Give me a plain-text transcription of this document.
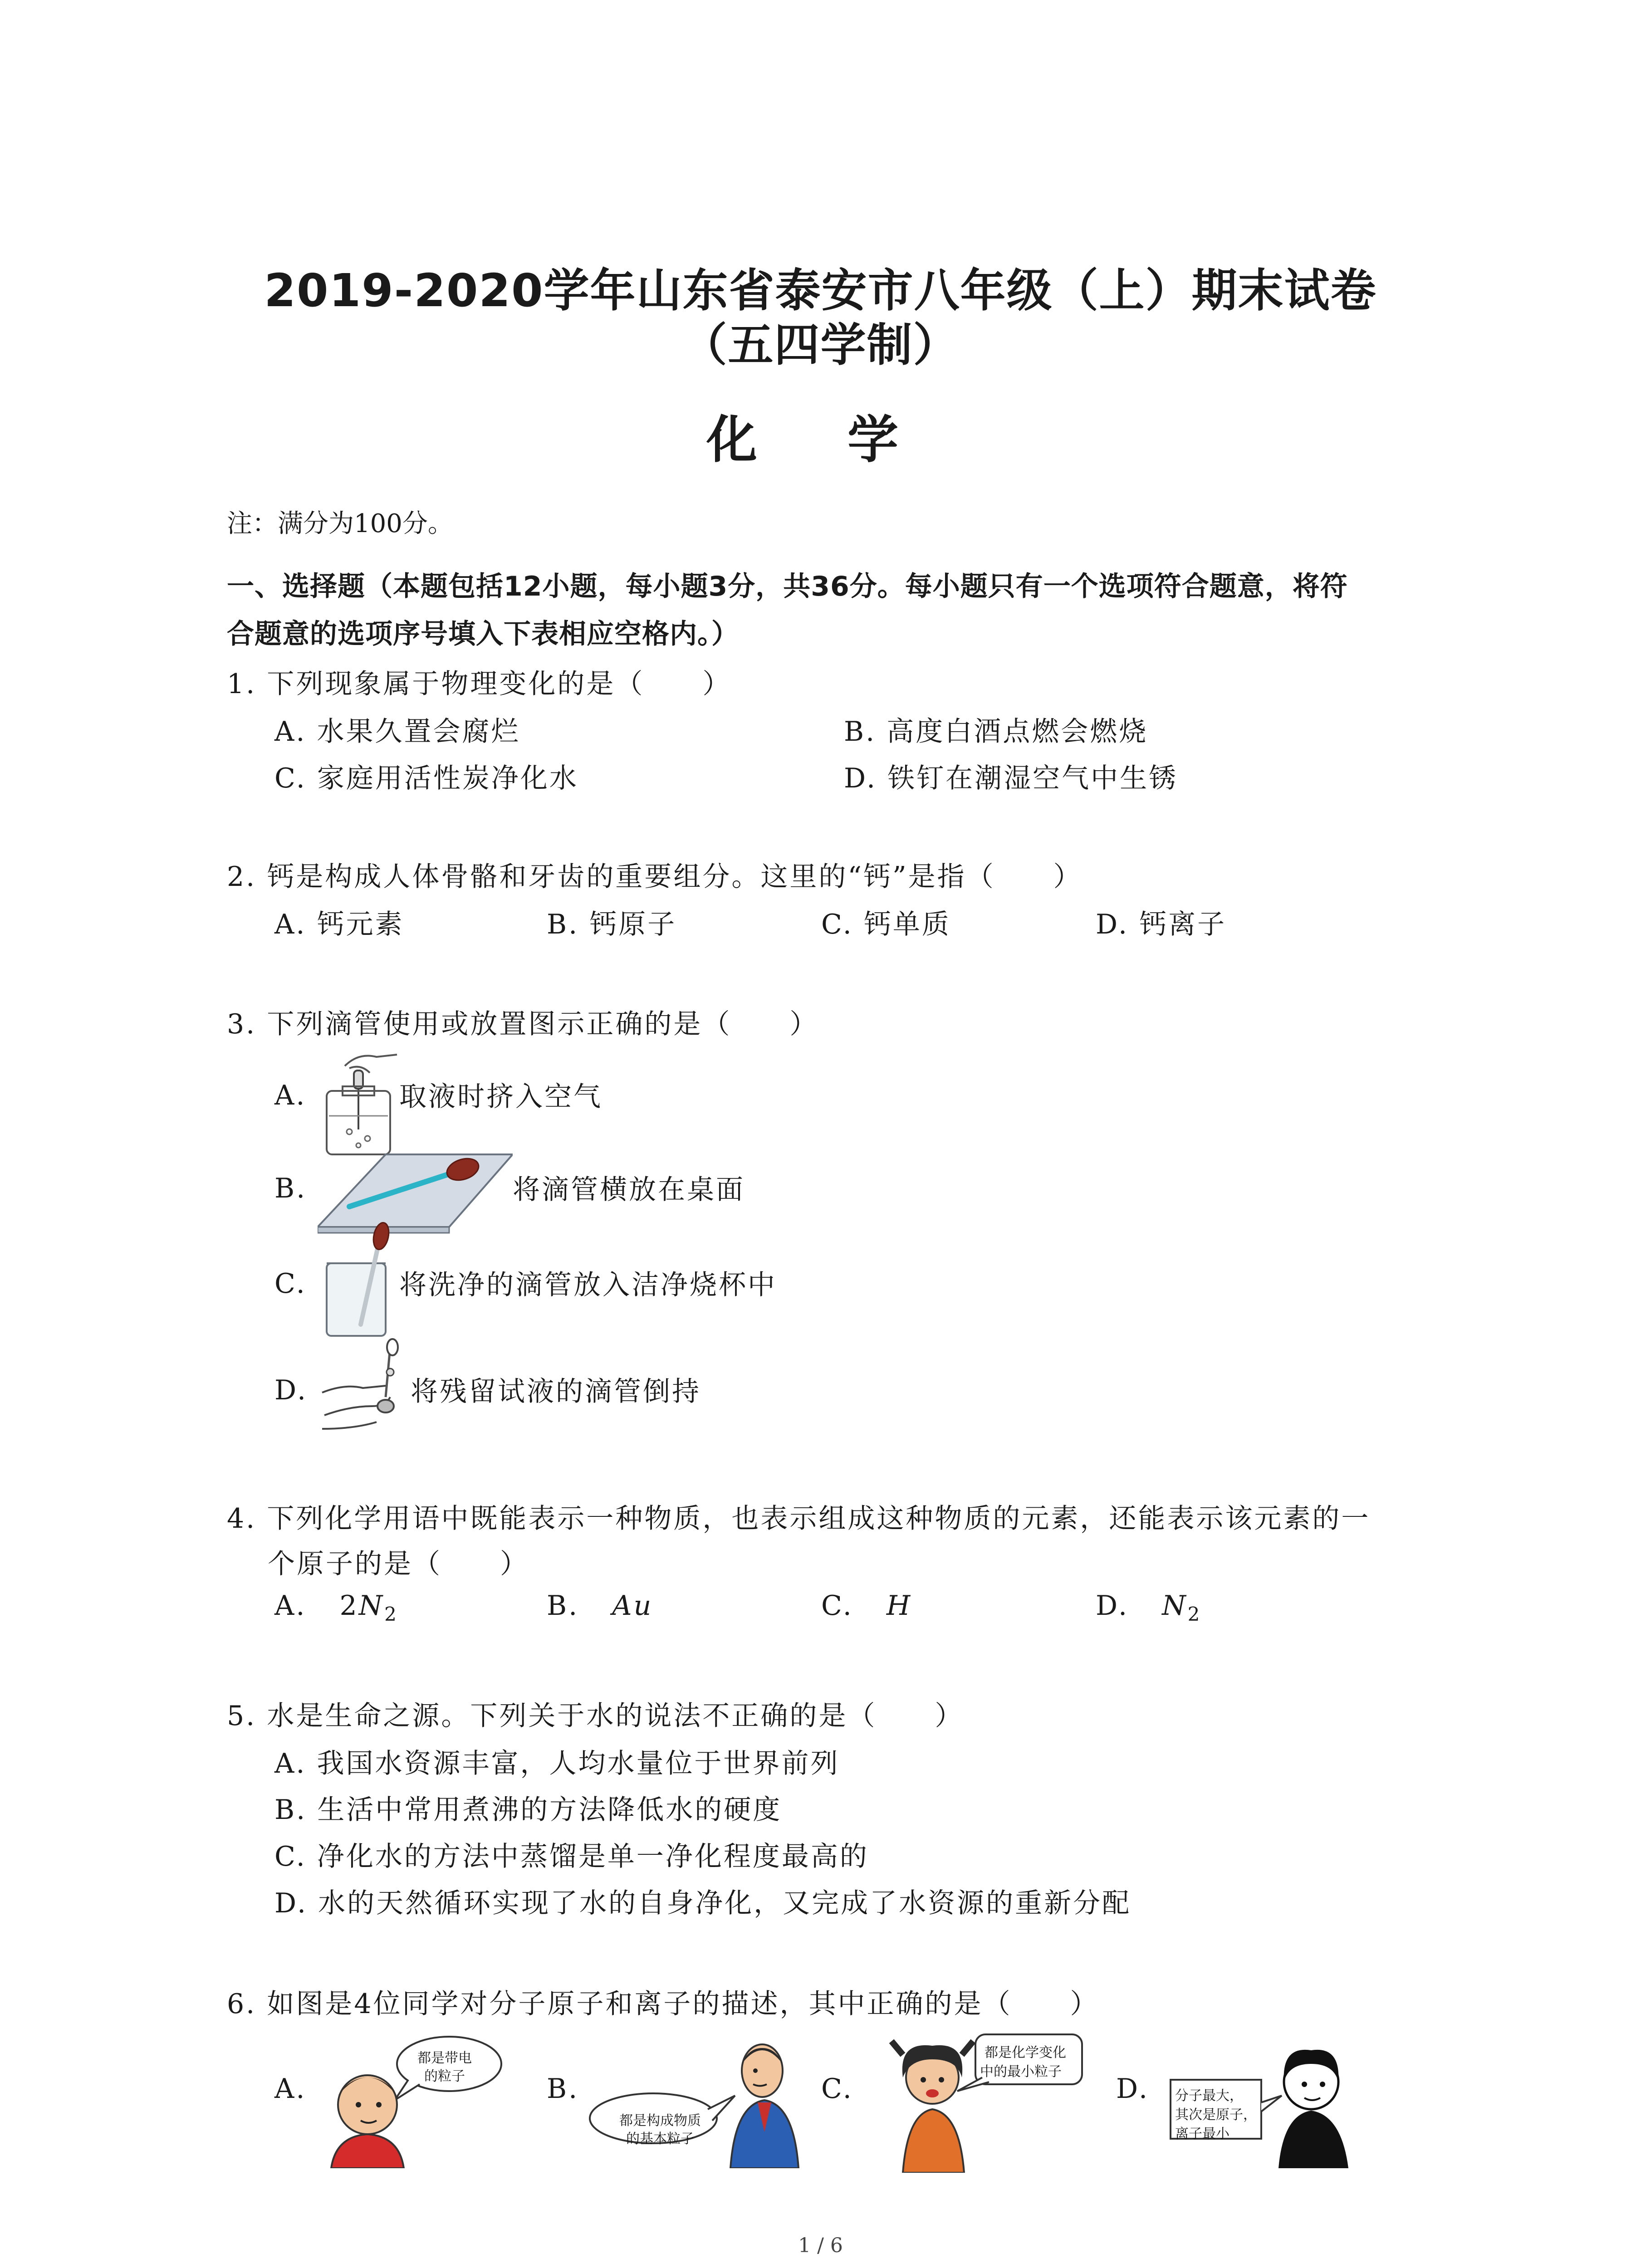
2019-2020学年山东省泰安市八年级（上）期末试卷
（五四学制）
化 学
注：满分为100分。
一、选择题（本题包括12小题，每小题3分，共36分。每小题只有一个选项符合题意，将符
合题意的选项序号填入下表相应空格内。）
1. 下列现象属于物理变化的是（　　）
A. 水果久置会腐烂	B. 高度白酒点燃会燃烧
C. 家庭用活性炭净化水	D. 铁钉在潮湿空气中生锈
2. 钙是构成人体骨骼和牙齿的重要组分。这里的“钙”是指（　　）
A. 钙元素	B. 钙原子	C. 钙单质	D. 钙离子
3. 下列滴管使用或放置图示正确的是（　　）
A.	取液时挤入空气
B.	将滴管横放在桌面
C.	将洗净的滴管放入洁净烧杯中
D.	将残留试液的滴管倒持
4. 下列化学用语中既能表示一种物质，也表示组成这种物质的元素，还能表示该元素的一
个原子的是（　　）
A. $2N_2$	B. Au	C. H	D. $N_2$
5. 水是生命之源。下列关于水的说法不正确的是（　　）
A. 我国水资源丰富，人均水量位于世界前列
B. 生活中常用煮沸的方法降低水的硬度
C. 净化水的方法中蒸馏是单一净化程度最高的
D. 水的天然循环实现了水的自身净化，又完成了水资源的重新分配
6. 如图是4位同学对分子原子和离子的描述，其中正确的是（　　）
A.
都是带电
的粒子	B.
都是构成物质
的基本粒子
C.
都是化学变化
中的最小粒子
D. 分子最大，
其次是原子，
离子最小
1 / 6
